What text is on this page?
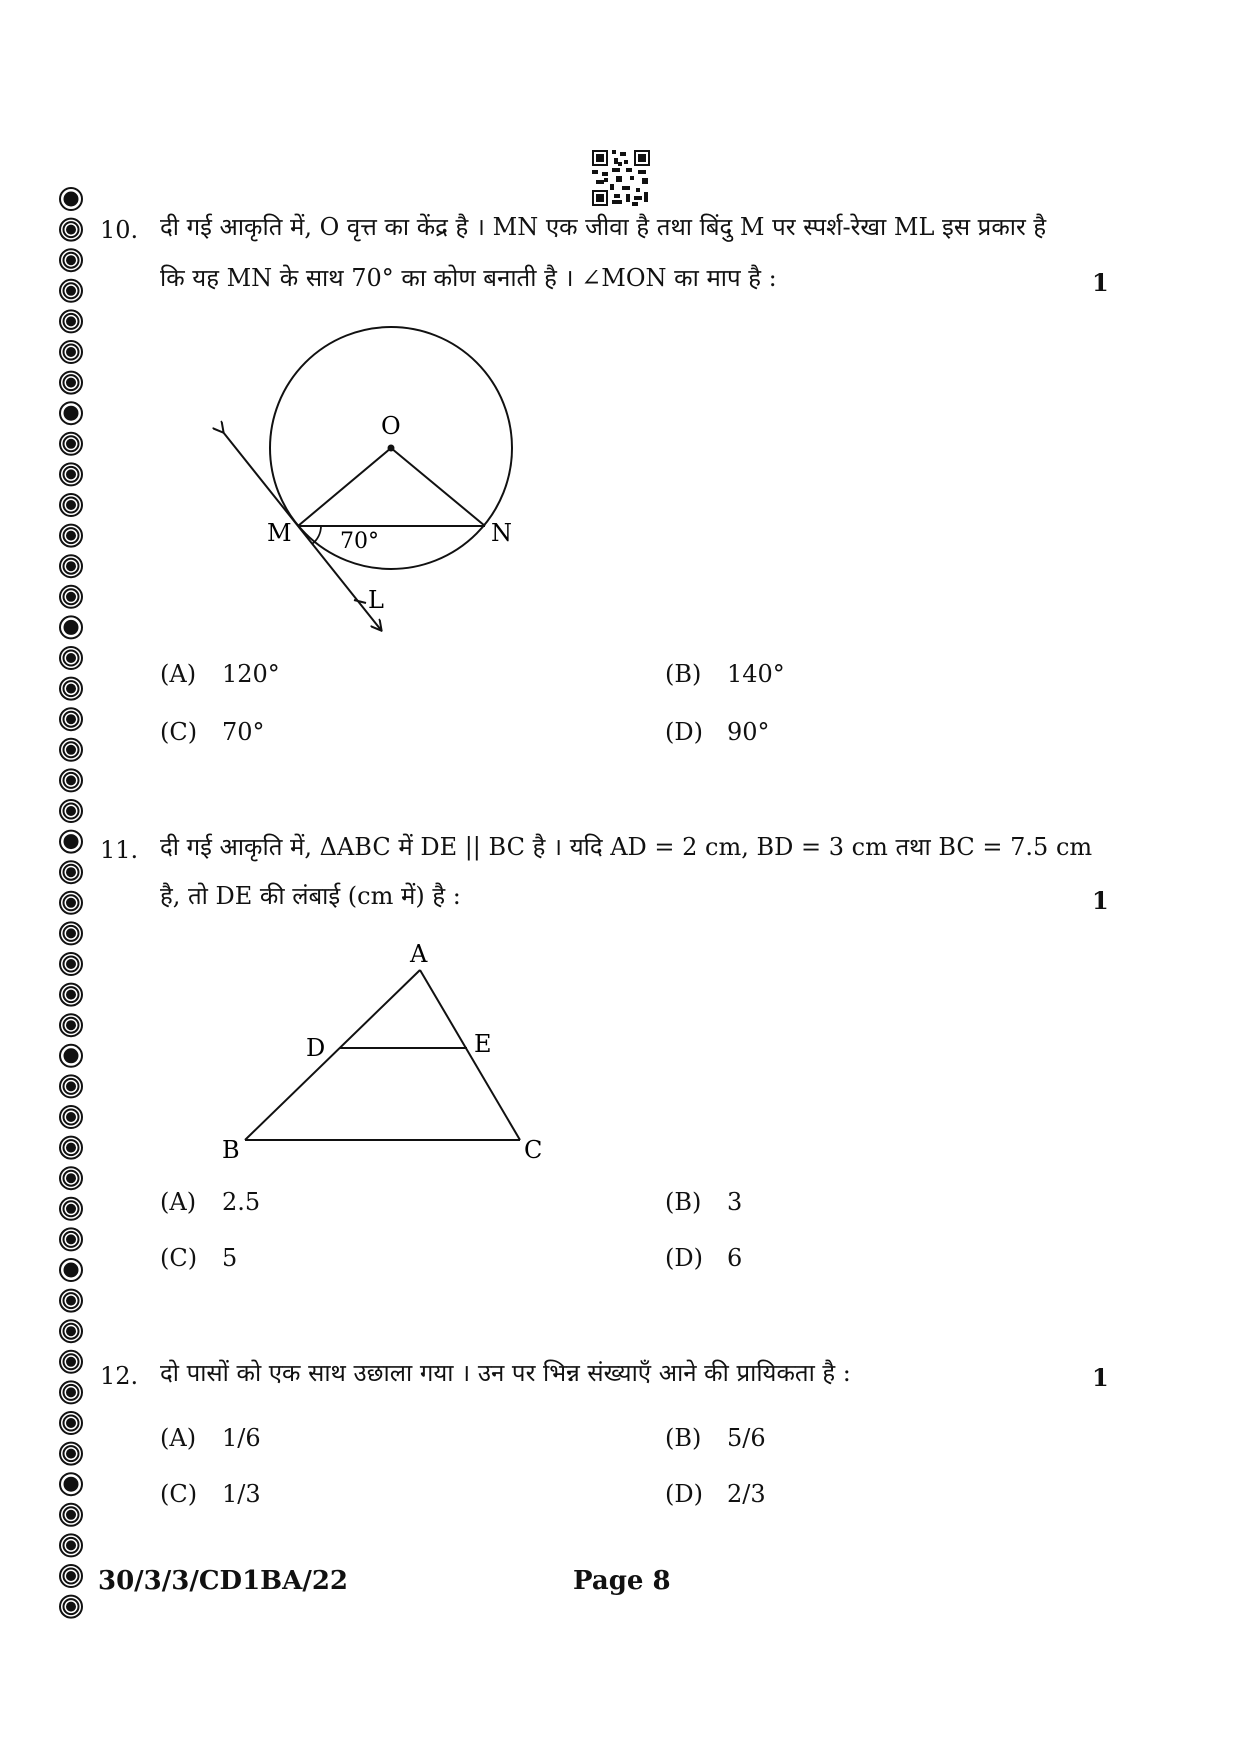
10. दी गई आकृति में, O वृत्त का केंद्र है । MN एक जीवा है तथा बिंदु M पर स्पर्श-रेखा ML इस प्रकार है
कि यह MN के साथ 70° का कोण बनाती है । ∠MON का माप है :	1
O
M	N
70°
L
(A) 120°	(B) 140°
(C) 70°	(D) 90°
11. दी गई आकृति में, ΔABC में DE || BC है । यदि AD = 2 cm, BD = 3 cm तथा BC = 7.5 cm
है, तो DE की लंबाई (cm में) है :	1
A
D	E
B	C
(A) 2.5	(B) 3
(C) 5	(D) 6
12. दो पासों को एक साथ उछाला गया । उन पर भिन्न संख्याएँ आने की प्रायिकता है :	1
(A) 1/6	(B) 5/6
(C) 1/3	(D) 2/3
30/3/3/CD1BA/22	Page 8
